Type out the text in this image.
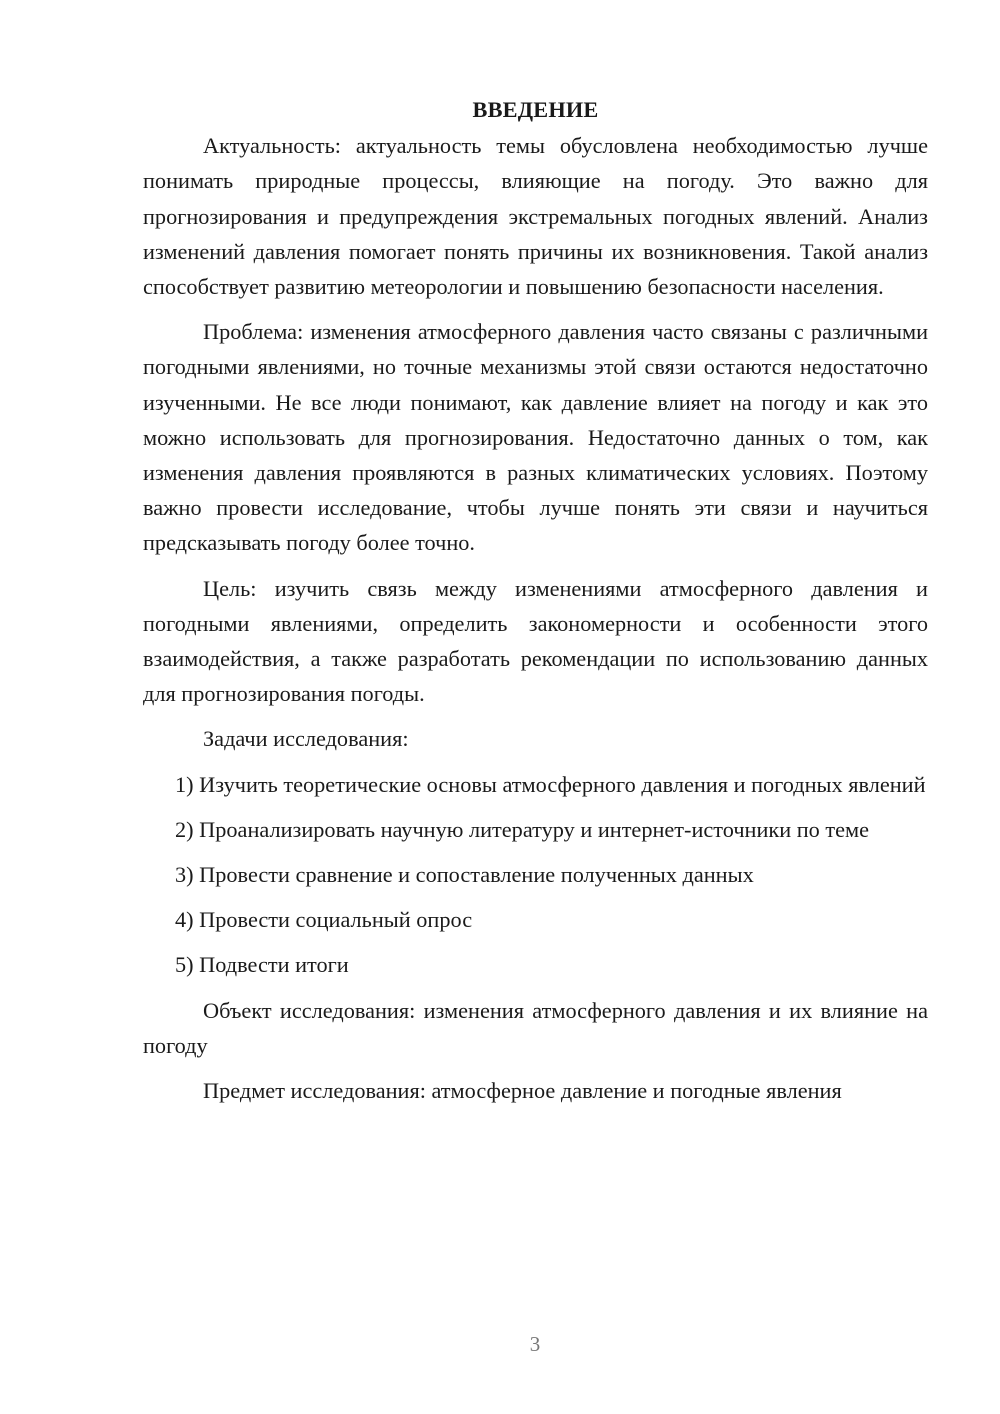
ВВЕДЕНИЕ

Актуальность: актуальность темы обусловлена необходимостью лучше понимать природные процессы, влияющие на погоду. Это важно для прогнозирования и предупреждения экстремальных погодных явлений. Анализ изменений давления помогает понять причины их возникновения. Такой анализ способствует развитию метеорологии и повышению безопасности населения.

Проблема: изменения атмосферного давления часто связаны с различными погодными явлениями, но точные механизмы этой связи остаются недостаточно изученными. Не все люди понимают, как давление влияет на погоду и как это можно использовать для прогнозирования. Недостаточно данных о том, как изменения давления проявляются в разных климатических условиях. Поэтому важно провести исследование, чтобы лучше понять эти связи и научиться предсказывать погоду более точно.

Цель: изучить связь между изменениями атмосферного давления и погодными явлениями, определить закономерности и особенности этого взаимодействия, а также разработать рекомендации по использованию данных для прогнозирования погоды.

Задачи исследования:

1) Изучить теоретические основы атмосферного давления и погодных явлений

2) Проанализировать научную литературу и интернет-источники по теме

3) Провести сравнение и сопоставление полученных данных

4) Провести социальный опрос

5) Подвести итоги

Объект исследования: изменения атмосферного давления и их влияние на погоду

Предмет исследования: атмосферное давление и погодные явления

3
